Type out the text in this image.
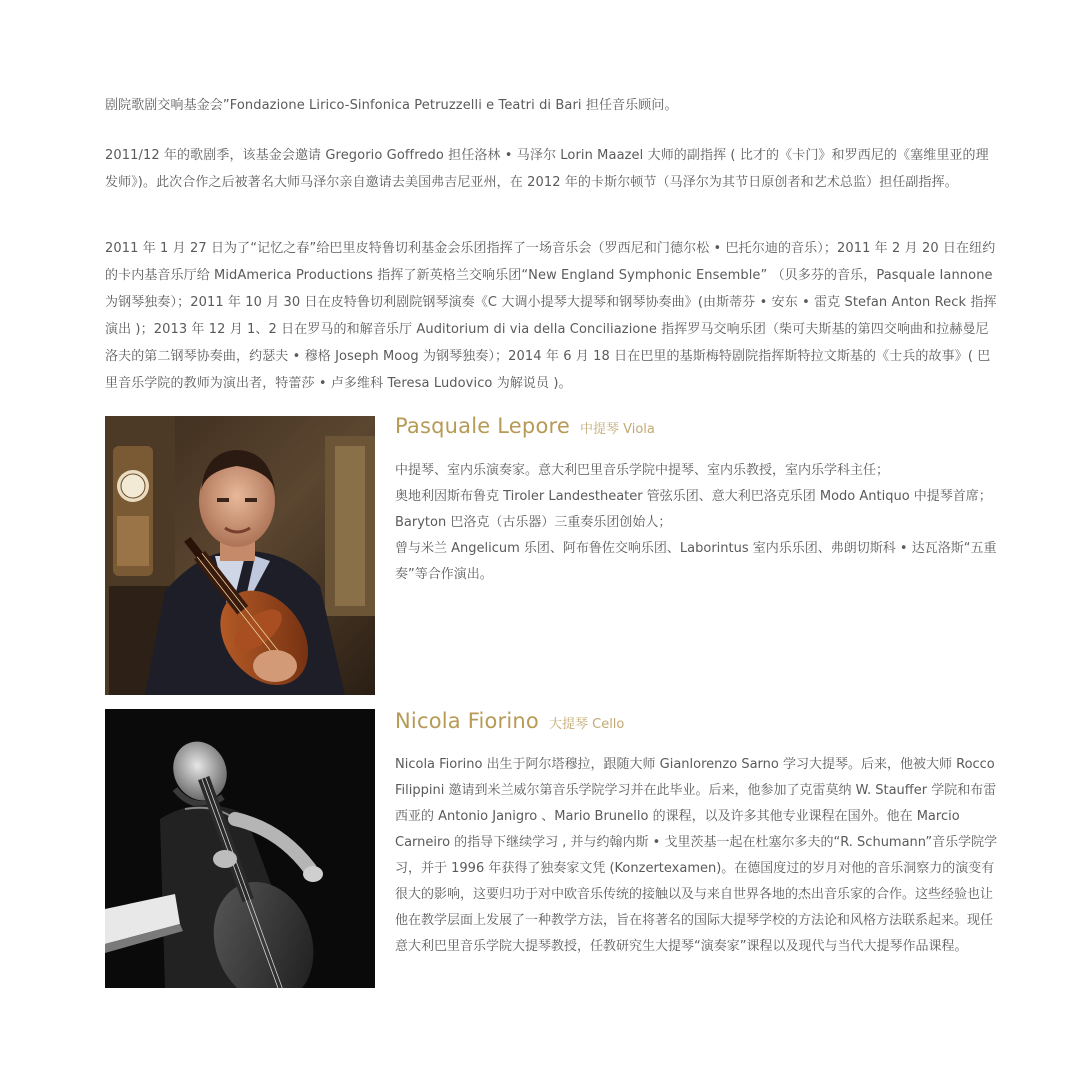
剧院歌剧交响基金会”Fondazione Lirico-Sinfonica Petruzzelli e Teatri di Bari 担任音乐顾问。

2011/12 年的歌剧季，该基金会邀请 Gregorio Goffredo 担任洛林 • 马泽尔 Lorin Maazel 大师的副指挥 ( 比才的《卡门》和罗西尼的《塞维里亚的理发师》)。此次合作之后被著名大师马泽尔亲自邀请去美国弗吉尼亚州，在 2012 年的卡斯尔顿节（马泽尔为其节日原创者和艺术总监）担任副指挥。

2011 年 1 月 27 日为了“记忆之春”给巴里皮特鲁切利基金会乐团指挥了一场音乐会（罗西尼和门德尔松 • 巴托尔迪的音乐）；2011 年 2 月 20 日在纽约的卡内基音乐厅给 MidAmerica Productions 指挥了新英格兰交响乐团“New England Symphonic Ensemble” （贝多芬的音乐，Pasquale Iannone 为钢琴独奏）；2011 年 10 月 30 日在皮特鲁切利剧院钢琴演奏《C 大调小提琴大提琴和钢琴协奏曲》(由斯蒂芬 • 安东 • 雷克 Stefan Anton Reck 指挥演出 )；2013 年 12 月 1、2 日在罗马的和解音乐厅 Auditorium di via della Conciliazione 指挥罗马交响乐团（柴可夫斯基的第四交响曲和拉赫曼尼洛夫的第二钢琴协奏曲，约瑟夫 • 穆格 Joseph Moog 为钢琴独奏）；2014 年 6 月 18 日在巴里的基斯梅特剧院指挥斯特拉文斯基的《士兵的故事》( 巴里音乐学院的教师为演出者，特蕾莎 • 卢多维科 Teresa Ludovico 为解说员 )。

Pasquale Lepore 中提琴 Viola
中提琴、室内乐演奏家。意大利巴里音乐学院中提琴、室内乐教授，室内乐学科主任；
奥地利因斯布鲁克 Tiroler Landestheater 管弦乐团、意大利巴洛克乐团 Modo Antiquo 中提琴首席；
Baryton 巴洛克（古乐器）三重奏乐团创始人；
曾与米兰 Angelicum 乐团、阿布鲁佐交响乐团、Laborintus 室内乐乐团、弗朗切斯科 • 达瓦洛斯“五重奏”等合作演出。
Nicola Fiorino 大提琴 Cello
Nicola Fiorino 出生于阿尔塔穆拉，跟随大师 Gianlorenzo Sarno 学习大提琴。后来，他被大师 Rocco Filippini 邀请到米兰威尔第音乐学院学习并在此毕业。后来，他参加了克雷莫纳 W. Stauffer 学院和布雷西亚的 Antonio Janigro 、Mario Brunello 的课程，以及许多其他专业课程在国外。他在 Marcio Carneiro 的指导下继续学习 , 并与约翰内斯 • 戈里茨基一起在杜塞尔多夫的“R. Schumann”音乐学院学习，并于 1996 年获得了独奏家文凭 (Konzertexamen)。在德国度过的岁月对他的音乐洞察力的演变有很大的影响，这要归功于对中欧音乐传统的接触以及与来自世界各地的杰出音乐家的合作。这些经验也让他在教学层面上发展了一种教学方法，旨在将著名的国际大提琴学校的方法论和风格方法联系起来。现任意大利巴里音乐学院大提琴教授，任教研究生大提琴“演奏家”课程以及现代与当代大提琴作品课程。
